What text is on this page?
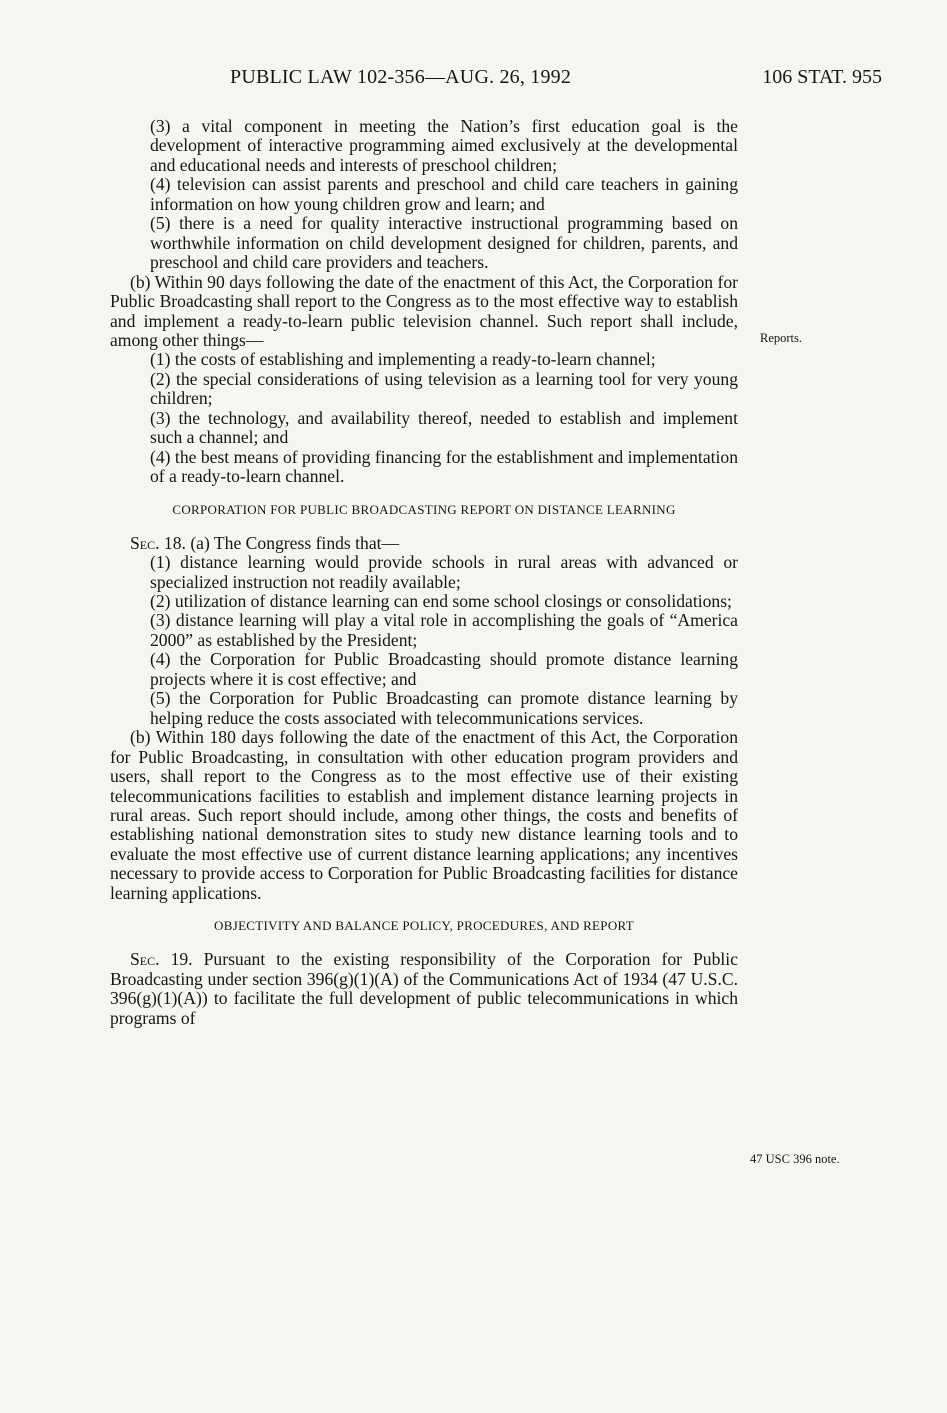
PUBLIC LAW 102-356—AUG. 26, 1992	106 STAT. 955
Reports.
47 USC 396 note.

(3) a vital component in meeting the Nation’s first education goal is the development of interactive programming aimed exclusively at the developmental and educational needs and interests of preschool children;

(4) television can assist parents and preschool and child care teachers in gaining information on how young children grow and learn; and

(5) there is a need for quality interactive instructional programming based on worthwhile information on child development designed for children, parents, and preschool and child care providers and teachers.

(b) Within 90 days following the date of the enactment of this Act, the Corporation for Public Broadcasting shall report to the Congress as to the most effective way to establish and implement a ready-to-learn public television channel. Such report shall include, among other things—

(1) the costs of establishing and implementing a ready-to-learn channel;

(2) the special considerations of using television as a learning tool for very young children;

(3) the technology, and availability thereof, needed to establish and implement such a channel; and

(4) the best means of providing financing for the establishment and implementation of a ready-to-learn channel.

CORPORATION FOR PUBLIC BROADCASTING REPORT ON DISTANCE LEARNING

Sec. 18. (a) The Congress finds that—

(1) distance learning would provide schools in rural areas with advanced or specialized instruction not readily available;

(2) utilization of distance learning can end some school closings or consolidations;

(3) distance learning will play a vital role in accomplishing the goals of “America 2000” as established by the President;

(4) the Corporation for Public Broadcasting should promote distance learning projects where it is cost effective; and

(5) the Corporation for Public Broadcasting can promote distance learning by helping reduce the costs associated with telecommunications services.

(b) Within 180 days following the date of the enactment of this Act, the Corporation for Public Broadcasting, in consultation with other education program providers and users, shall report to the Congress as to the most effective use of their existing telecommunications facilities to establish and implement distance learning projects in rural areas. Such report should include, among other things, the costs and benefits of establishing national demonstration sites to study new distance learning tools and to evaluate the most effective use of current distance learning applications; any incentives necessary to provide access to Corporation for Public Broadcasting facilities for distance learning applications.

OBJECTIVITY AND BALANCE POLICY, PROCEDURES, AND REPORT

Sec. 19. Pursuant to the existing responsibility of the Corporation for Public Broadcasting under section 396(g)(1)(A) of the Communications Act of 1934 (47 U.S.C. 396(g)(1)(A)) to facilitate the full development of public telecommunications in which programs of
